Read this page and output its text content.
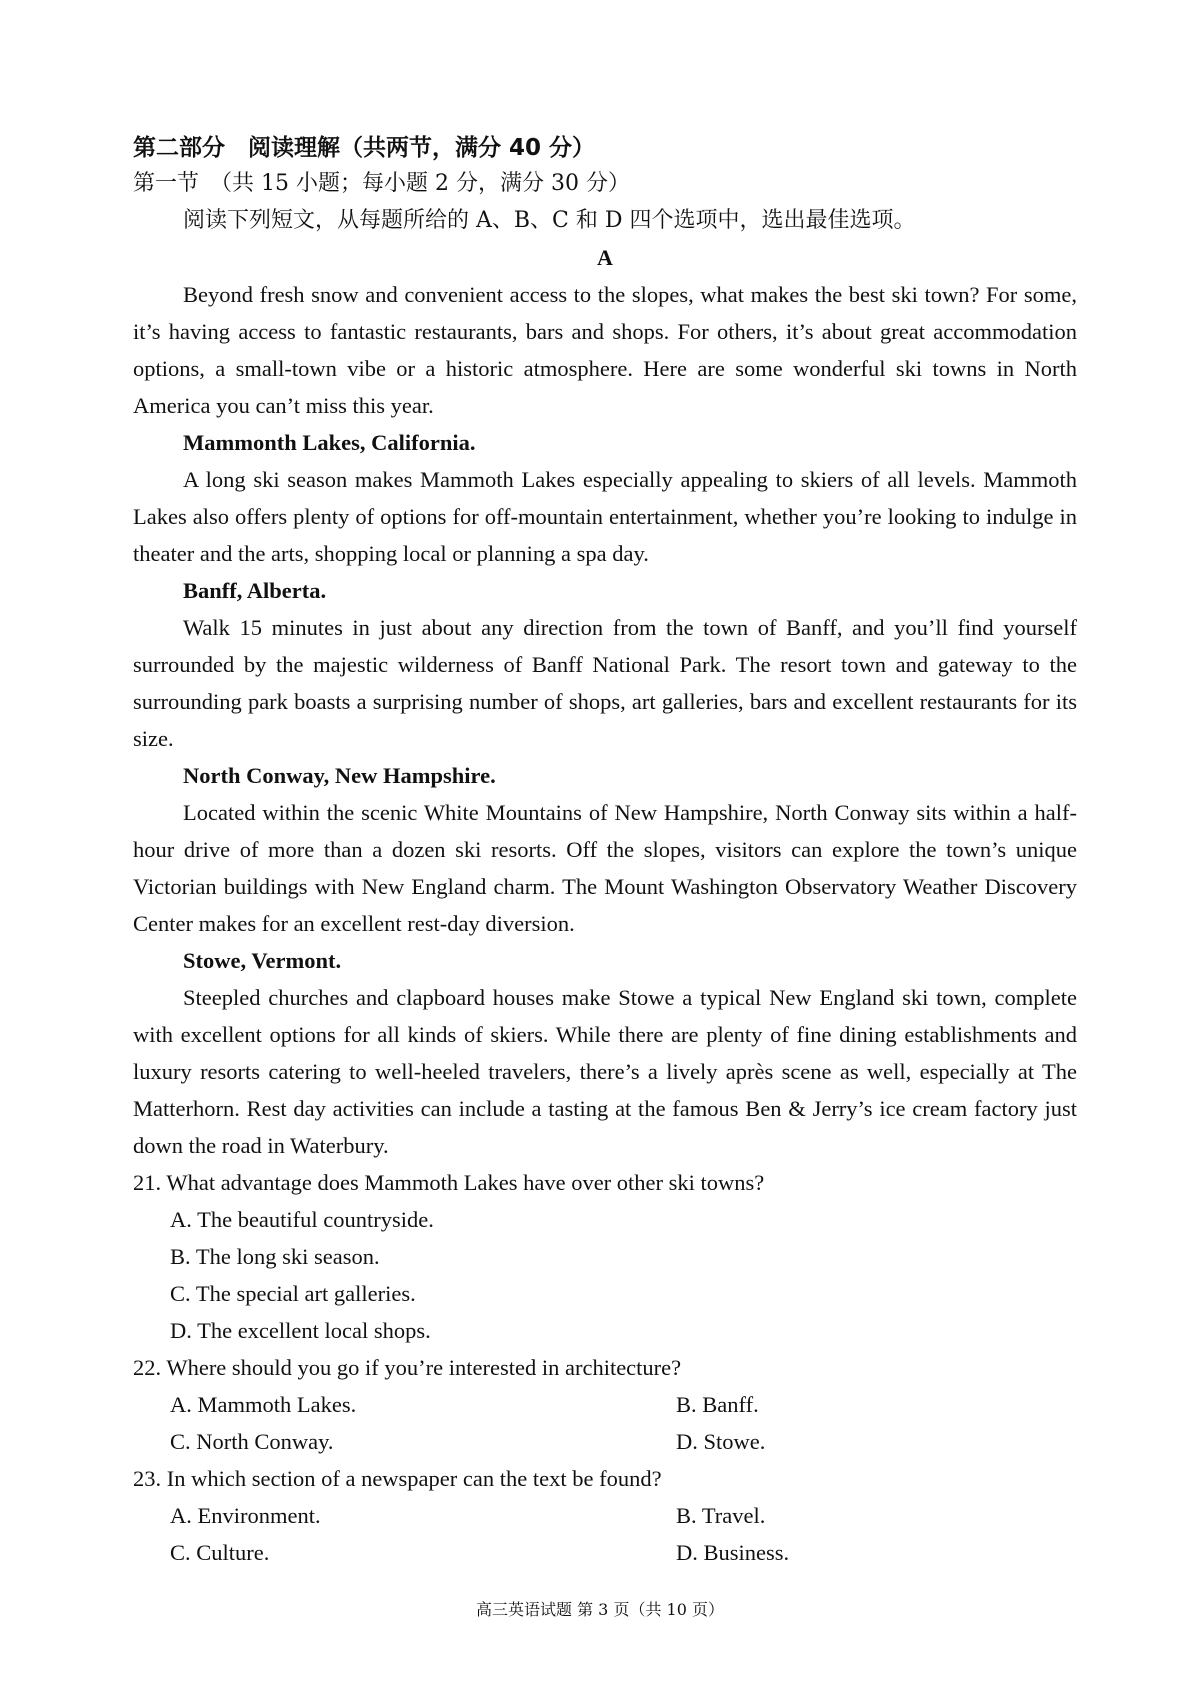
第二部分　阅读理解（共两节，满分 40 分）
第一节　（共 15 小题；每小题 2 分，满分 30 分）
阅读下列短文，从每题所给的 A、B、C 和 D 四个选项中，选出最佳选项。
A

Beyond fresh snow and convenient access to the slopes, what makes the best ski town? For some, it’s having access to fantastic restaurants, bars and shops. For others, it’s about great accommodation options, a small-town vibe or a historic atmosphere. Here are some wonderful ski towns in North America you can’t miss this year.

Mammonth Lakes, California.

A long ski season makes Mammoth Lakes especially appealing to skiers of all levels. Mammoth Lakes also offers plenty of options for off-mountain entertainment, whether you’re looking to indulge in theater and the arts, shopping local or planning a spa day.

Banff, Alberta.

Walk 15 minutes in just about any direction from the town of Banff, and you’ll find yourself surrounded by the majestic wilderness of Banff National Park. The resort town and gateway to the surrounding park boasts a surprising number of shops, art galleries, bars and excellent restaurants for its size.

North Conway, New Hampshire.

Located within the scenic White Mountains of New Hampshire, North Conway sits within a half-hour drive of more than a dozen ski resorts. Off the slopes, visitors can explore the town’s unique Victorian buildings with New England charm. The Mount Washington Observatory Weather Discovery Center makes for an excellent rest-day diversion.

Stowe, Vermont.

Steepled churches and clapboard houses make Stowe a typical New England ski town, complete with excellent options for all kinds of skiers. While there are plenty of fine dining establishments and luxury resorts catering to well-heeled travelers, there’s a lively après scene as well, especially at The Matterhorn. Rest day activities can include a tasting at the famous Ben & Jerry’s ice cream factory just down the road in Waterbury.

21. What advantage does Mammoth Lakes have over other ski towns?
A. The beautiful countryside.
B. The long ski season.
C. The special art galleries.
D. The excellent local shops.
22. Where should you go if you’re interested in architecture?
A. Mammoth Lakes.	B. Banff.
C. North Conway.	D. Stowe.
23. In which section of a newspaper can the text be found?
A. Environment.	B. Travel.
C. Culture.	D. Business.
高三英语试题 第 3 页（共 10 页）
